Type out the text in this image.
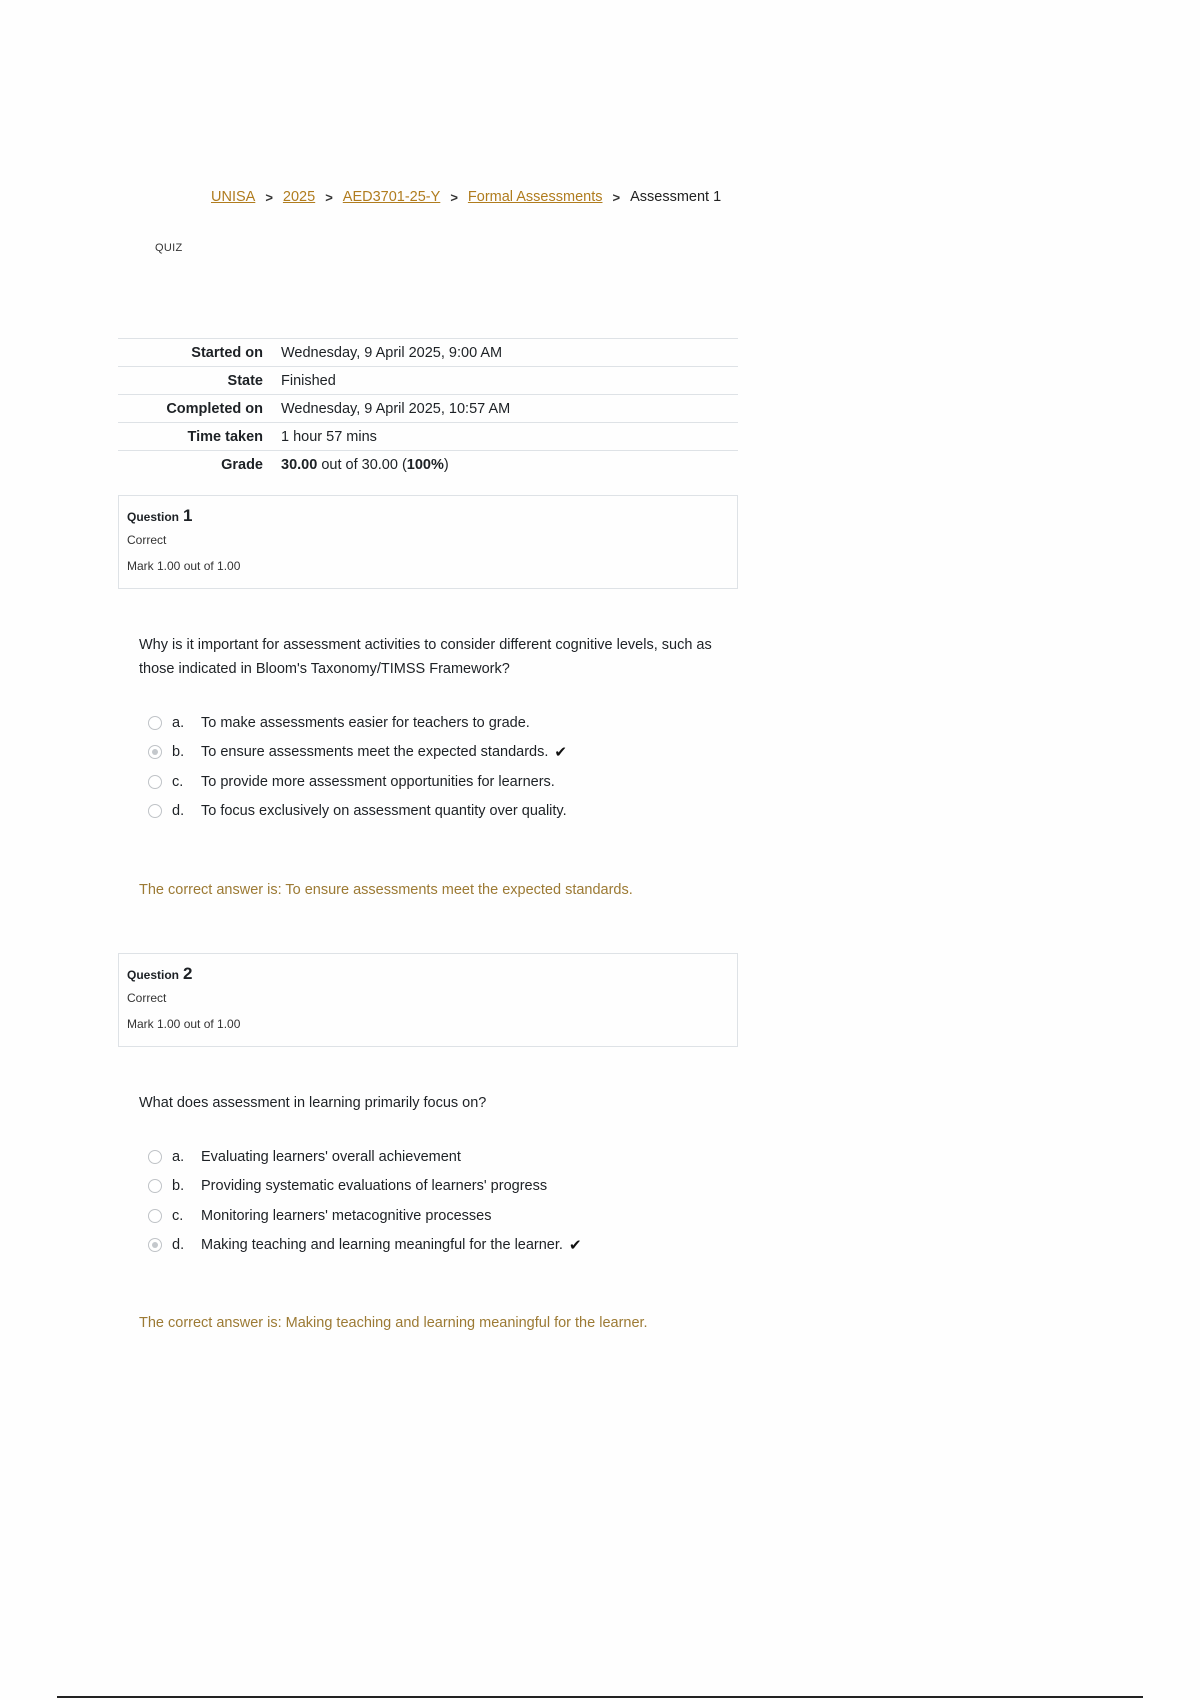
UNISA > 2025 > AED3701-25-Y > Formal Assessments > Assessment 1
QUIZ
Started on	Wednesday, 9 April 2025, 9:00 AM
State	Finished
Completed on	Wednesday, 9 April 2025, 10:57 AM
Time taken	1 hour 57 mins
Grade	30.00 out of 30.00 (100%)
Question 1
Correct
Mark 1.00 out of 1.00
Why is it important for assessment activities to consider different cognitive levels, such as those indicated in Bloom's Taxonomy/TIMSS Framework?
a.	To make assessments easier for teachers to grade.
b.	To ensure assessments meet the expected standards. ✔
c.	To provide more assessment opportunities for learners.
d.	To focus exclusively on assessment quantity over quality.
The correct answer is: To ensure assessments meet the expected standards.
Question 2
Correct
Mark 1.00 out of 1.00
What does assessment in learning primarily focus on?
a.	Evaluating learners' overall achievement
b.	Providing systematic evaluations of learners' progress
c.	Monitoring learners' metacognitive processes
d.	Making teaching and learning meaningful for the learner. ✔
The correct answer is: Making teaching and learning meaningful for the learner.
